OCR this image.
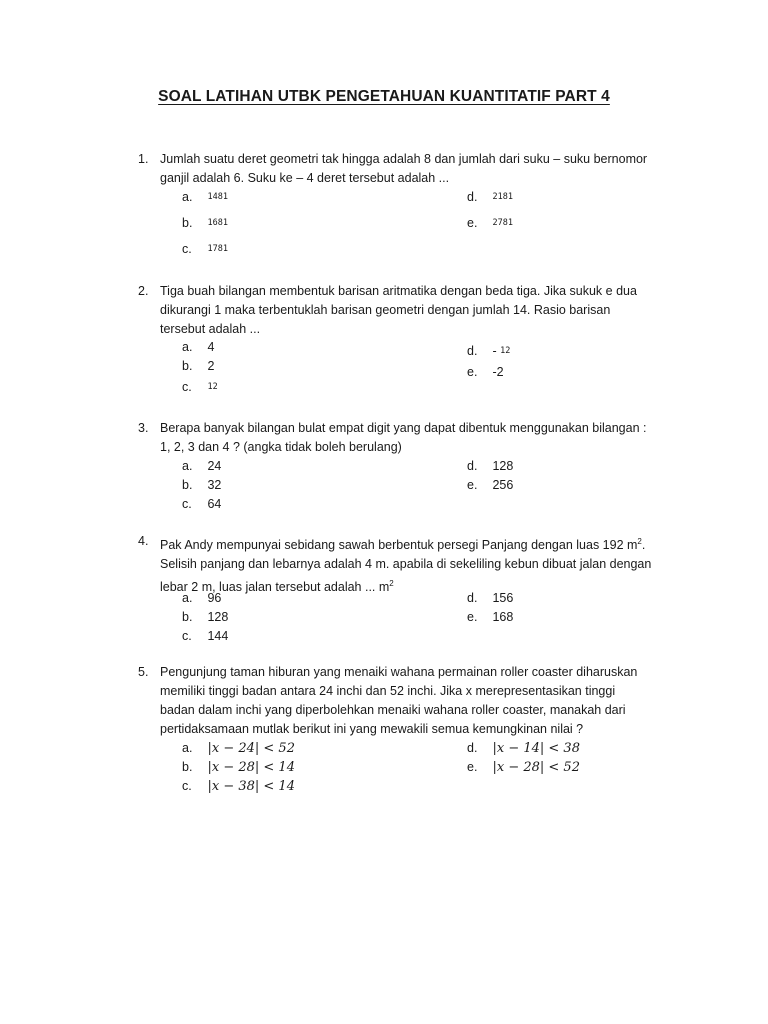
SOAL LATIHAN UTBK PENGETAHUAN KUANTITATIF PART 4
1. Jumlah suatu deret geometri tak hingga adalah 8 dan jumlah dari suku – suku bernomor ganjil adalah 6. Suku ke – 4 deret tersebut adalah ...
a. 1481
b. 1681
c. 1781
d. 2181
e. 2781
2. Tiga buah bilangan membentuk barisan aritmatika dengan beda tiga. Jika sukuk e dua dikurangi 1 maka terbentuklah barisan geometri dengan jumlah 14. Rasio barisan tersebut adalah ...
a. 4
b. 2
c. 12
d. - 12
e. -2
3. Berapa banyak bilangan bulat empat digit yang dapat dibentuk menggunakan bilangan : 1, 2, 3 dan 4 ? (angka tidak boleh berulang)
a. 24
b. 32
c. 64
d. 128
e. 256
4. Pak Andy mempunyai sebidang sawah berbentuk persegi Panjang dengan luas 192 $m^2$. Selisih panjang dan lebarnya adalah 4 m. apabila di sekeliling kebun dibuat jalan dengan lebar 2 m, luas jalan tersebut adalah ... $m^2$
a. 96
b. 128
c. 144
d. 156
e. 168
5. Pengunjung taman hiburan yang menaiki wahana permainan roller coaster diharuskan memiliki tinggi badan antara 24 inchi dan 52 inchi. Jika x merepresentasikan tinggi badan dalam inchi yang diperbolehkan menaiki wahana roller coaster, manakah dari pertidaksamaan mutlak berikut ini yang mewakili semua kemungkinan nilai ?
a. |x − 24| < 52
b. |x − 28| < 14
c. |x − 38| < 14
d. |x − 14| < 38
e. |x − 28| < 52
